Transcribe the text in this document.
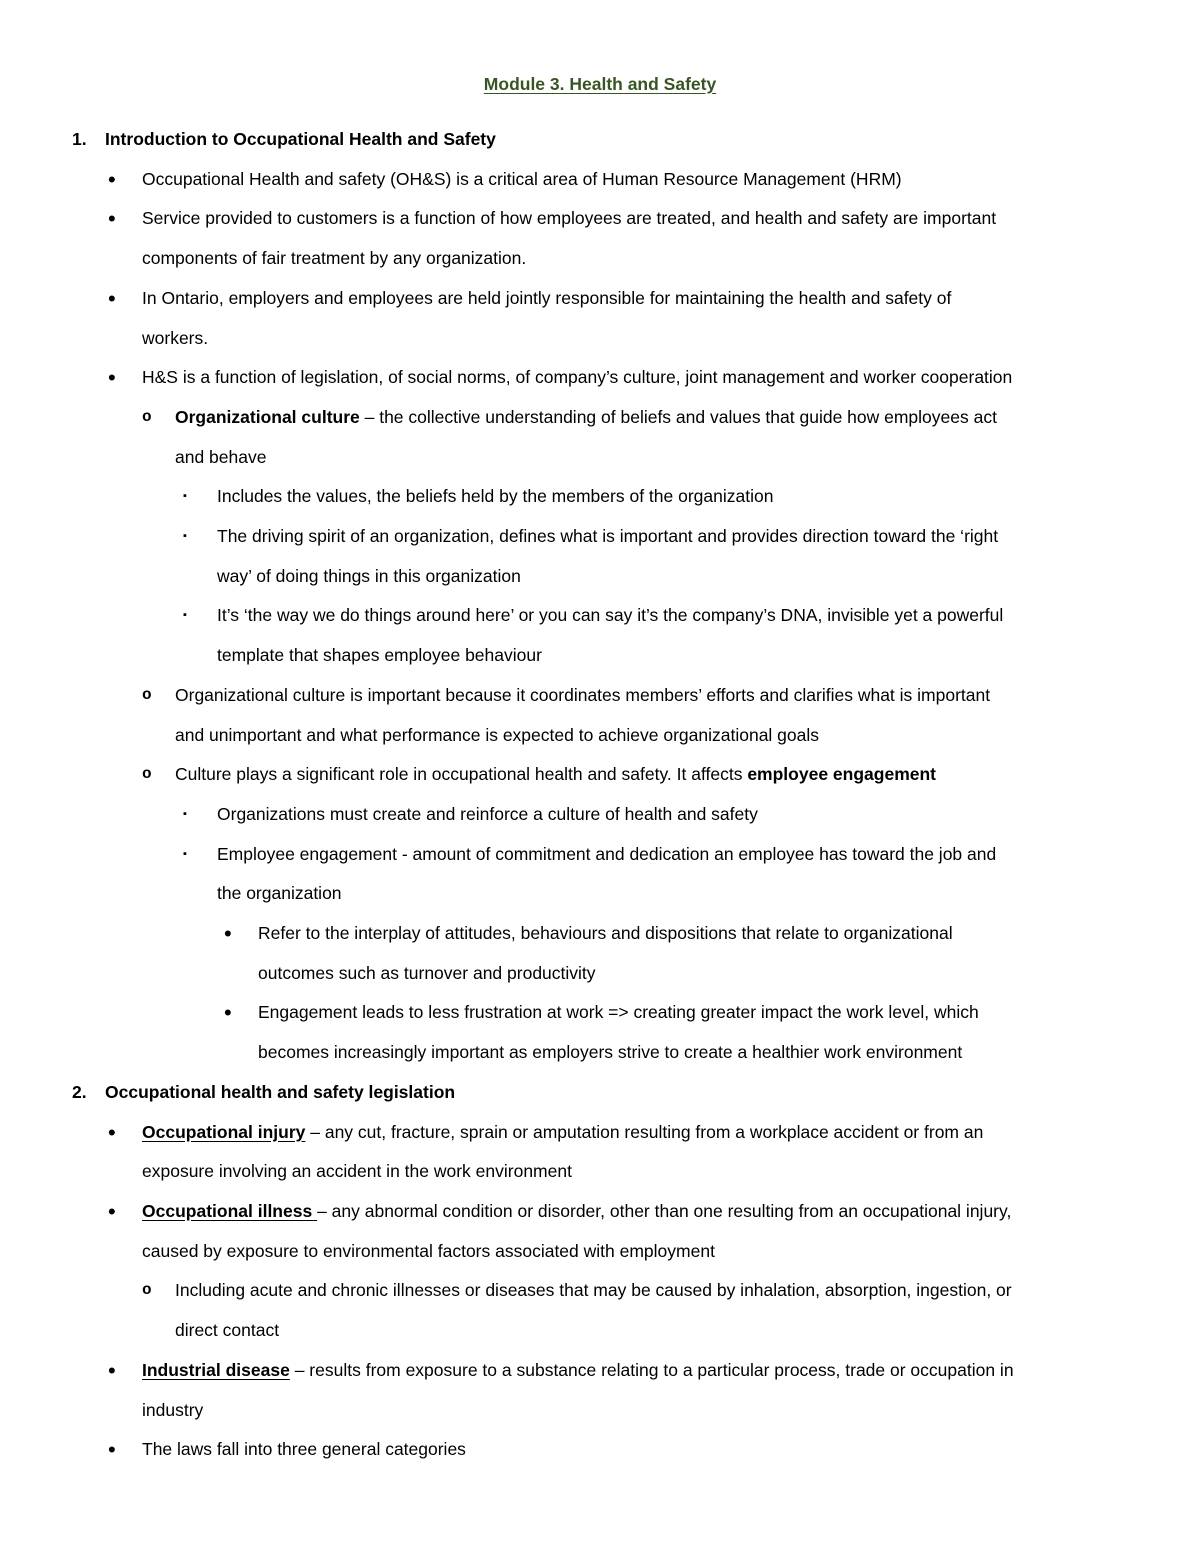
Module 3. Health and Safety
1. Introduction to Occupational Health and Safety

• Occupational Health and safety (OH&S) is a critical area of Human Resource Management (HRM)

• Service provided to customers is a function of how employees are treated, and health and safety are important

components of fair treatment by any organization.

• In Ontario, employers and employees are held jointly responsible for maintaining the health and safety of

workers.

• H&S is a function of legislation, of social norms, of company’s culture, joint management and worker cooperation

o Organizational culture – the collective understanding of beliefs and values that guide how employees act

and behave

▪ Includes the values, the beliefs held by the members of the organization

▪ The driving spirit of an organization, defines what is important and provides direction toward the ‘right

way’ of doing things in this organization

▪ It’s ‘the way we do things around here’ or you can say it’s the company’s DNA, invisible yet a powerful

template that shapes employee behaviour

o Organizational culture is important because it coordinates members’ efforts and clarifies what is important

and unimportant and what performance is expected to achieve organizational goals

o Culture plays a significant role in occupational health and safety. It affects employee engagement

▪ Organizations must create and reinforce a culture of health and safety

▪ Employee engagement - amount of commitment and dedication an employee has toward the job and

the organization

• Refer to the interplay of attitudes, behaviours and dispositions that relate to organizational

outcomes such as turnover and productivity

• Engagement leads to less frustration at work => creating greater impact the work level, which

becomes increasingly important as employers strive to create a healthier work environment

2. Occupational health and safety legislation

• Occupational injury – any cut, fracture, sprain or amputation resulting from a workplace accident or from an

exposure involving an accident in the work environment

• Occupational illness – any abnormal condition or disorder, other than one resulting from an occupational injury,

caused by exposure to environmental factors associated with employment

o Including acute and chronic illnesses or diseases that may be caused by inhalation, absorption, ingestion, or

direct contact

• Industrial disease – results from exposure to a substance relating to a particular process, trade or occupation in

industry

• The laws fall into three general categories
